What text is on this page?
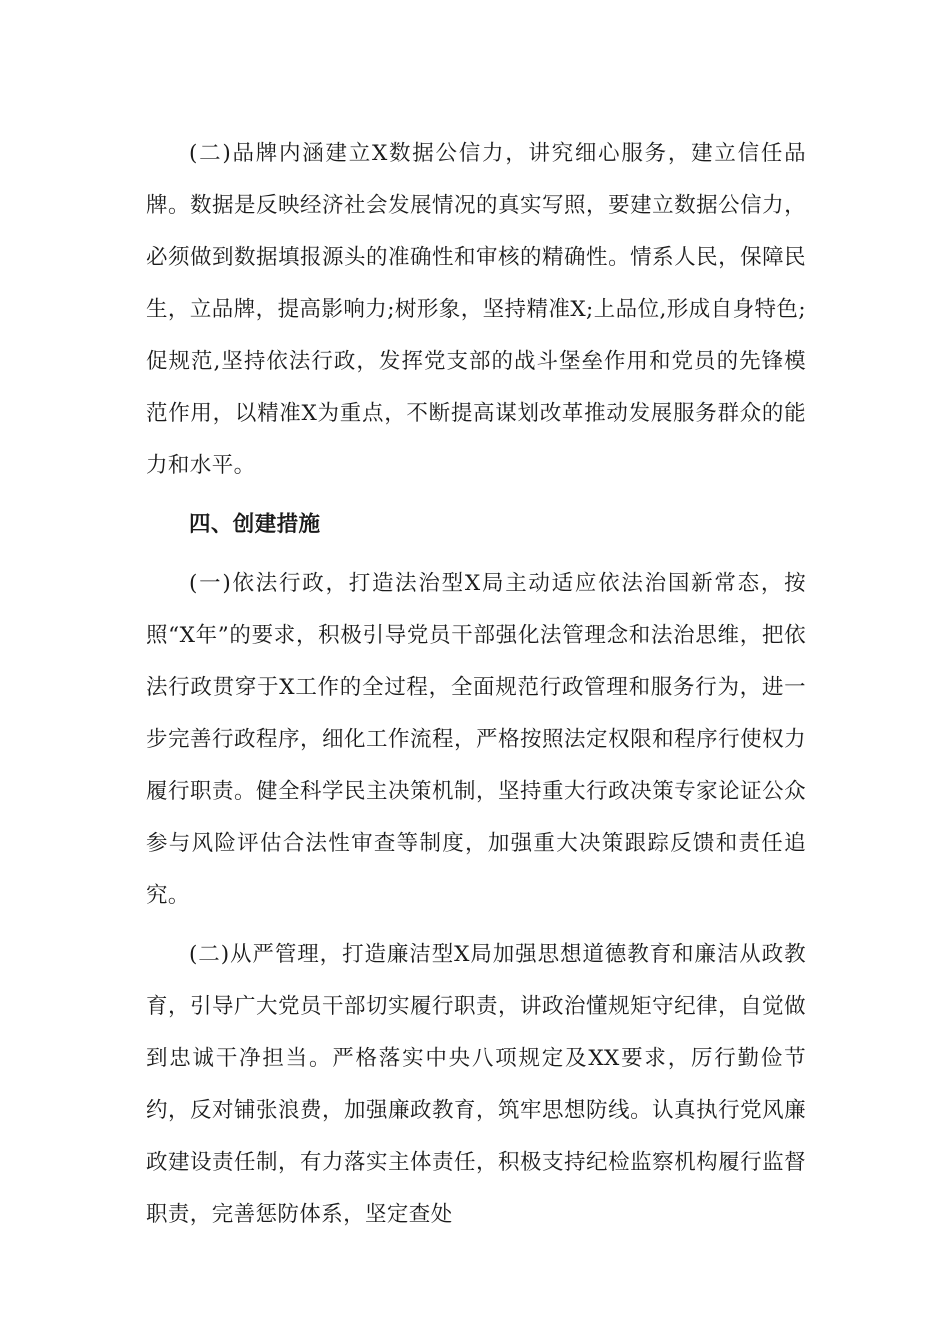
(二)品牌内涵建立X数据公信力，讲究细心服务，建立信任品牌。数据是反映经济社会发展情况的真实写照，要建立数据公信力，必须做到数据填报源头的准确性和审核的精确性。情系人民，保障民生，立品牌，提高影响力;树形象，坚持精准X;上品位,形成自身特色;促规范,坚持依法行政，发挥党支部的战斗堡垒作用和党员的先锋模范作用，以精准X为重点，不断提高谋划改革推动发展服务群众的能力和水平。

四、创建措施

(一)依法行政，打造法治型X局主动适应依法治国新常态，按照“X年”的要求，积极引导党员干部强化法管理念和法治思维，把依法行政贯穿于X工作的全过程，全面规范行政管理和服务行为，进一步完善行政程序，细化工作流程，严格按照法定权限和程序行使权力履行职责。健全科学民主决策机制，坚持重大行政决策专家论证公众参与风险评估合法性审查等制度，加强重大决策跟踪反馈和责任追究。

(二)从严管理，打造廉洁型X局加强思想道德教育和廉洁从政教育，引导广大党员干部切实履行职责，讲政治懂规矩守纪律，自觉做到忠诚干净担当。严格落实中央八项规定及XX要求，厉行勤俭节约，反对铺张浪费，加强廉政教育，筑牢思想防线。认真执行党风廉政建设责任制，有力落实主体责任，积极支持纪检监察机构履行监督职责，完善惩防体系，坚定查处
